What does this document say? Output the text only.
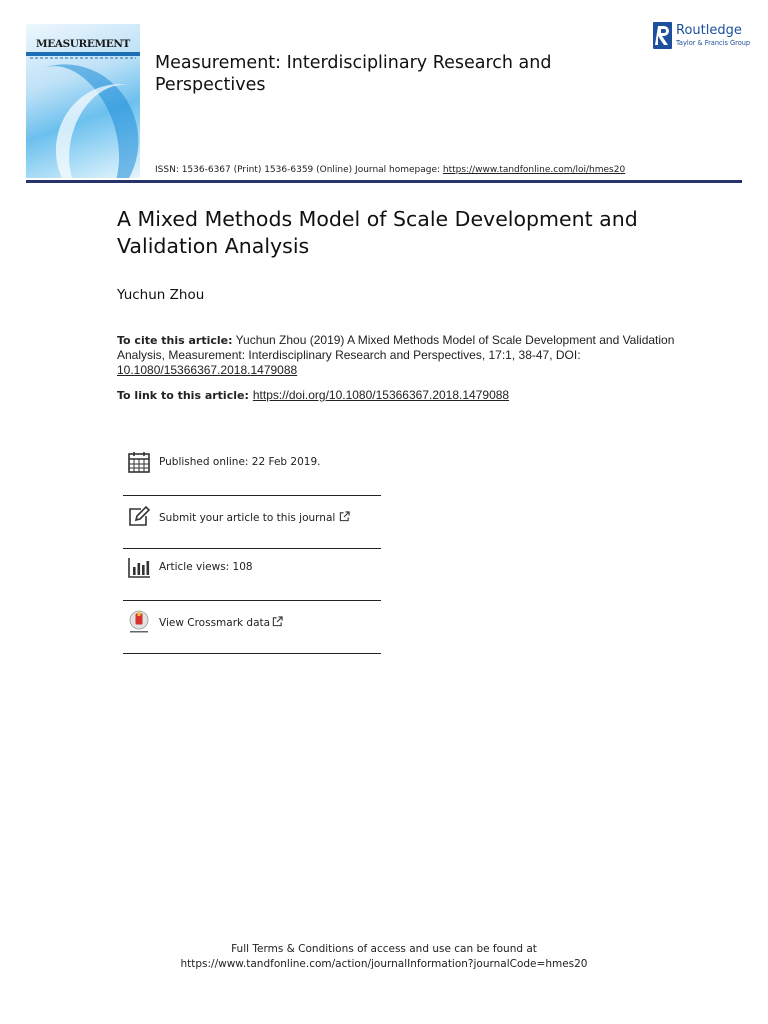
MEASUREMENT
Measurement: Interdisciplinary Research and Perspectives
Routledge
Taylor & Francis Group
ISSN: 1536-6367 (Print) 1536-6359 (Online) Journal homepage: https://www.tandfonline.com/loi/hmes20
A Mixed Methods Model of Scale Development and Validation Analysis
Yuchun Zhou
To cite this article: Yuchun Zhou (2019) A Mixed Methods Model of Scale Development and Validation Analysis, Measurement: Interdisciplinary Research and Perspectives, 17:1, 38-47, DOI: 10.1080/15366367.2018.1479088
To link to this article: https://doi.org/10.1080/15366367.2018.1479088
Published online: 22 Feb 2019.
Submit your article to this journal
Article views: 108
View Crossmark data
Full Terms & Conditions of access and use can be found at
https://www.tandfonline.com/action/journalInformation?journalCode=hmes20
